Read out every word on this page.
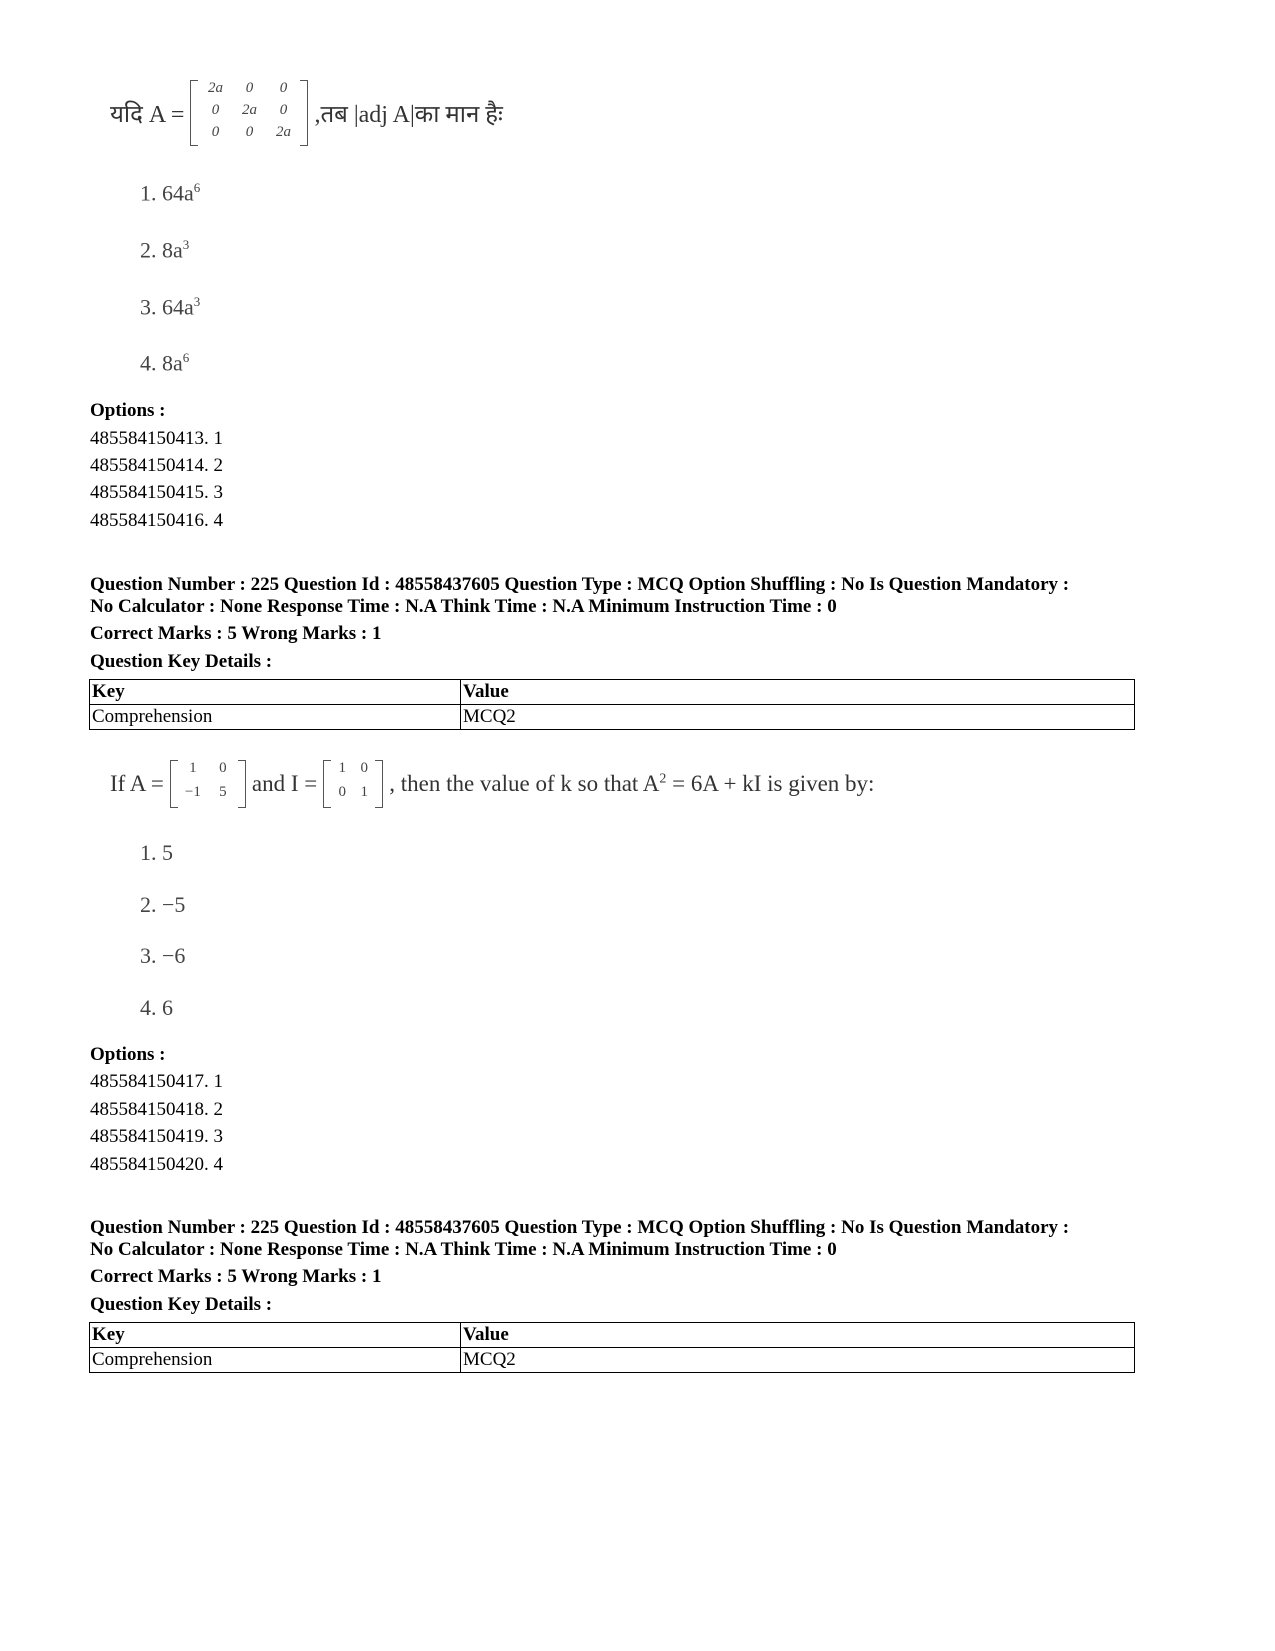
यदि A =
2a	0	0
0	2a	0
0	0	2a
,तब |adj A|का मान हैः
1. $64a^6$
2. $8a^3$
3. $64a^3$
4. $8a^6$
Options :
485584150413. 1
485584150414. 2
485584150415. 3
485584150416. 4
Question Number : 225 Question Id : 48558437605 Question Type : MCQ Option Shuffling : No Is Question Mandatory :
No Calculator : None Response Time : N.A Think Time : N.A Minimum Instruction Time : 0
Correct Marks : 5 Wrong Marks : 1
Question Key Details :
Key	Value
Comprehension	MCQ2
If A =
1	0
−1	5	and I =
1 0
0 1 , then the value of k so that $A^2 = 6A$ + kI is given by:
1. 5
2. −5
3. −6
4. 6
Options :
485584150417. 1
485584150418. 2
485584150419. 3
485584150420. 4
Question Number : 225 Question Id : 48558437605 Question Type : MCQ Option Shuffling : No Is Question Mandatory :
No Calculator : None Response Time : N.A Think Time : N.A Minimum Instruction Time : 0
Correct Marks : 5 Wrong Marks : 1
Question Key Details :
Key	Value
Comprehension	MCQ2
